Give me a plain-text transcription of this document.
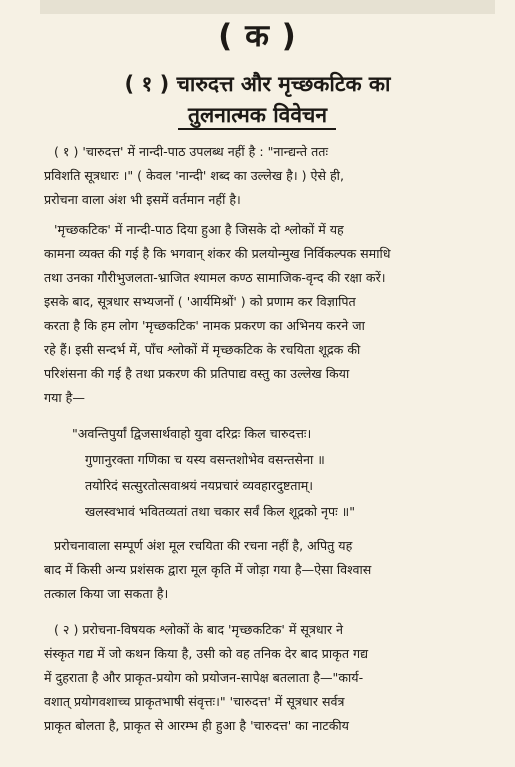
( क )
( १ ) चारुदत्त और मृच्छकटिक का
तुलनात्मक विवेचन
( १ ) 'चारुदत्त' में नान्दी-पाठ उपलब्ध नहीं है : "नान्द्यन्ते ततः
प्रविशति सूत्रधारः ।" ( केवल 'नान्दी' शब्द का उल्लेख है। ) ऐसे ही,
प्ररोचना वाला अंश भी इसमें वर्तमान नहीं है।
'मृच्छकटिक' में नान्दी-पाठ दिया हुआ है जिसके दो श्लोकों में यह
कामना व्यक्त की गई है कि भगवान् शंकर की प्रलयोन्मुख निर्विकल्पक समाधि
तथा उनका गौरीभुजलता-भ्राजित श्यामल कण्ठ सामाजिक-वृन्द की रक्षा करें।
इसके बाद, सूत्रधार सभ्यजनों ( 'आर्यमिश्रों' ) को प्रणाम कर विज्ञापित
करता है कि हम लोग 'मृच्छकटिक' नामक प्रकरण का अभिनय करने जा
रहे हैं। इसी सन्दर्भ में, पाँच श्लोकों में मृच्छकटिक के रचयिता शूद्रक की
परिशंसना की गई है तथा प्रकरण की प्रतिपाद्य वस्तु का उल्लेख किया
गया है—
"अवन्तिपुर्यां द्विजसार्थवाहो युवा दरिद्रः किल चारुदत्तः।
गुणानुरक्ता गणिका च यस्य वसन्तशोभेव वसन्तसेना ॥
तयोरिदं सत्सुरतोत्सवाश्रयं नयप्रचारं व्यवहारदुष्टताम्।
खलस्वभावं भवितव्यतां तथा चकार सर्वं किल शूद्रको नृपः ॥"
प्ररोचनावाला सम्पूर्ण अंश मूल रचयिता की रचना नहीं है, अपितु यह
बाद में किसी अन्य प्रशंसक द्वारा मूल कृति में जोड़ा गया है—ऐसा विश्वास
तत्काल किया जा सकता है।
( २ ) प्ररोचना-विषयक श्लोकों के बाद 'मृच्छकटिक' में सूत्रधार ने
संस्कृत गद्य में जो कथन किया है, उसी को वह तनिक देर बाद प्राकृत गद्य
में दुहराता है और प्राकृत-प्रयोग को प्रयोजन-सापेक्ष बतलाता है—"कार्य-
वशात् प्रयोगवशाच्च प्राकृतभाषी संवृत्तः।" 'चारुदत्त' में सूत्रधार सर्वत्र
प्राकृत बोलता है, प्राकृत से आरम्भ ही हुआ है 'चारुदत्त' का नाटकीय
